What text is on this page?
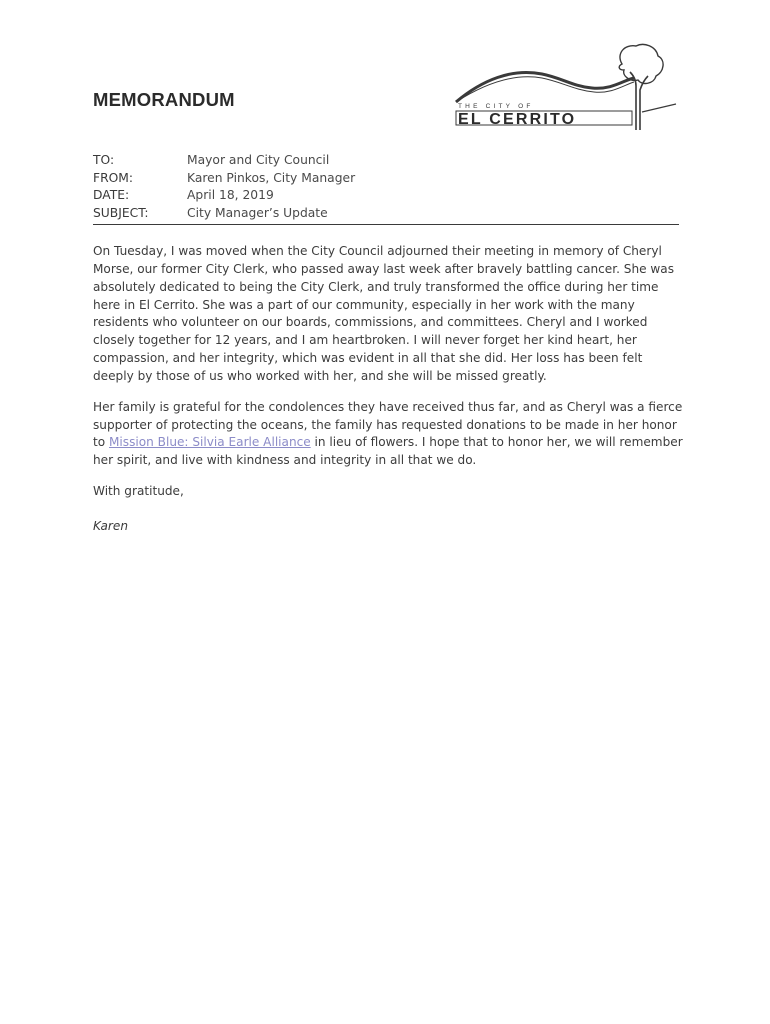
MEMORANDUM	THE CITY OF
EL CERRITO
TO:	Mayor and City Council
FROM:	Karen Pinkos, City Manager
DATE:	April 18, 2019
SUBJECT:	City Manager’s Update

On Tuesday, I was moved when the City Council adjourned their meeting in memory of Cheryl Morse, our former City Clerk, who passed away last week after bravely battling cancer. She was absolutely dedicated to being the City Clerk, and truly transformed the office during her time here in El Cerrito. She was a part of our community, especially in her work with the many residents who volunteer on our boards, commissions, and committees. Cheryl and I worked closely together for 12 years, and I am heartbroken. I will never forget her kind heart, her compassion, and her integrity, which was evident in all that she did. Her loss has been felt deeply by those of us who worked with her, and she will be missed greatly.

Her family is grateful for the condolences they have received thus far, and as Cheryl was a fierce supporter of protecting the oceans, the family has requested donations to be made in her honor to Mission Blue: Silvia Earle Alliance in lieu of flowers. I hope that to honor her, we will remember her spirit, and live with kindness and integrity in all that we do.

With gratitude,

Karen
